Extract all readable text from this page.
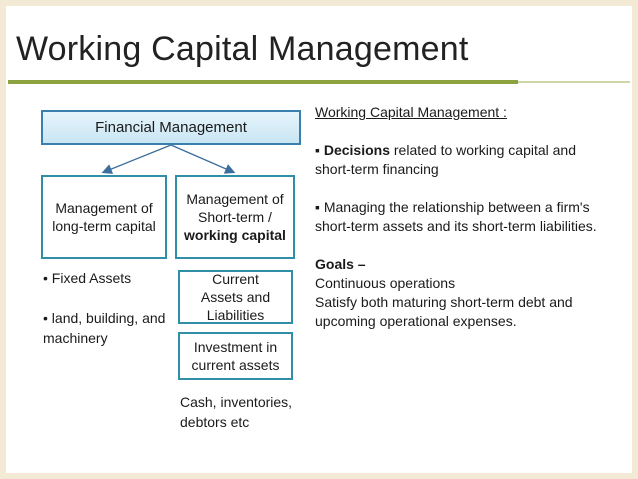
Working Capital Management
Financial Management
Management of long-term capital
Management of Short-term /
working capital
• Fixed Assets
• land, building, and machinery
Current Assets and Liabilities
Investment in current assets
Cash, inventories, debtors etc

Working Capital Management :

▪ Decisions related to working capital and short-term financing

▪ Managing the relationship between a firm's short-term assets and its short-term liabilities.

Goals –

Continuous operations

Satisfy both maturing short-term debt and upcoming operational expenses.
